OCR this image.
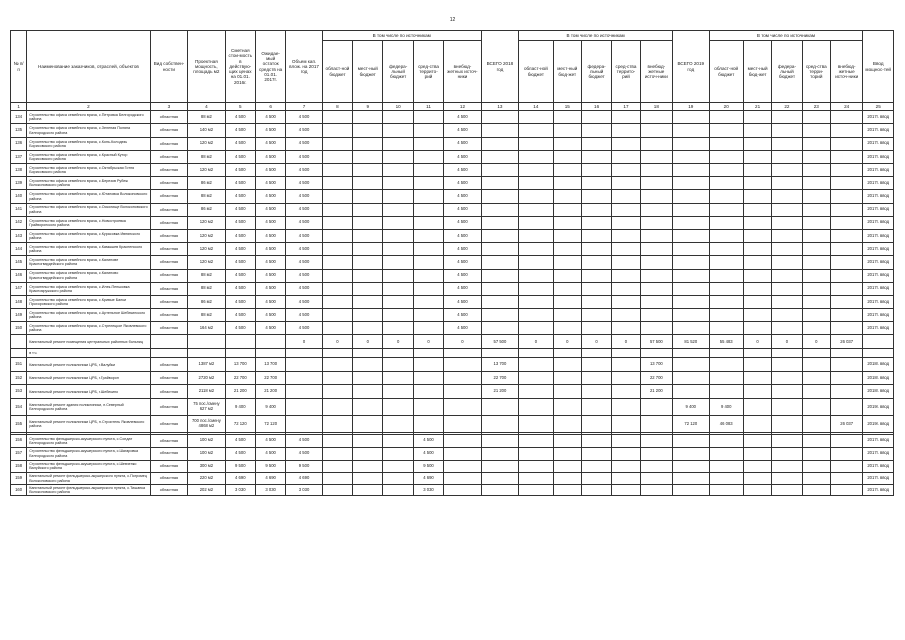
12
№ п/п	Наименование заказчиков, отраслей, объектов	Вид собствен-ности	Проектная мощность, площадь м2	Сметная стои-мость в действую-щих ценах на 01.01. 2016г.	Ожидае-мый остаток средств на 01.01. 2017г.	Объем кап. влож. на 2017 год	В том числе по источникам					ВСЕГО 2018 год	В том числе по источникам					ВСЕГО 2019 год	В том числе по источникам					Ввод мощнос-тей
							област-ной бюджет	мест-ный бюджет	федера-льный бюджет	сред-ства террито-рий	внебюд-жетных источ-ники		област-ной бюджет	мест-ный бюд-жет	федера-льный бюджет	сред-ства террито-рий	внебюд-жетные источ-ники		област-ной бюджет	мест-ный бюд-жет	федера-льный бюджет	сред-ства терри-торий	внебюд-жетные источ-ники	
1	2	3	4	5	6	7	8	9	10	11	12	13	14	15	16	17	18	19	20	21	22	23	24	25
134	Строительство офиса семейного врача, с.Петровка Белгородского района	областная	88 м2	4 500	4 500	4 500					4 500													2017г. ввод
135	Строительство офиса семейного врача, с.Зеленая Поляна Белгородского района	областная	140 м2	4 500	4 500	4 500					4 500													2017г. ввод
136	Строительство офиса семейного врача, с.Конь-Колодезь Борисовского района	областная	120 м2	4 500	4 500	4 500					4 500													2017г. ввод
137	Строительство офиса семейного врача, с.Красный Кутор Борисовского района	областная	88 м2	4 500	4 500	4 500					4 500													2017г. ввод
138	Строительство офиса семейного врача, с.Октябрьская Готня Борисовского района	областная	120 м2	4 500	4 500	4 500					4 500													2017г. ввод
139	Строительство офиса семейного врача, с.Березов Рубеж Волоконовского района	областная	86 м2	4 500	4 500	4 500					4 500													2017г. ввод
140	Строительство офиса семейного врача, с.Ютановка Волоконовского района	областная	88 м2	4 500	4 500	4 500					4 500													2017г. ввод
141	Строительство офиса семейного врача, с.Осколище Волоконовского района	областная	86 м2	4 500	4 500	4 500					4 500													2017г. ввод
142	Строительство офиса семейного врача, с.Новостроевка Грайворонского района	областная	120 м2	4 500	4 500	4 500					4 500													2017г. ввод
143	Строительство офиса семейного врача, с.Курасовка Ивнянского района	областная	120 м2	4 500	4 500	4 500					4 500													2017г. ввод
144	Строительство офиса семейного врача, с.Камышев Красненского района	областная	120 м2	4 500	4 500	4 500					4 500													2017г. ввод
145	Строительство офиса семейного врача, с.Калинове Красногвардейского района	областная	120 м2	4 500	4 500	4 500					4 500													2017г. ввод
146	Строительство офиса семейного врача, с.Калиново Красногвардейского района	областная	88 м2	4 500	4 500	4 500					4 500													2017г. ввод
147	Строительство офиса семейного врача, с.Илек-Пеньковка Краснояружского района	областная	88 м2	4 500	4 500	4 500					4 500													2017г. ввод
148	Строительство офиса семейного врача, с.Кривые Балки Прохоровского района	областная	86 м2	4 500	4 500	4 500					4 500													2017г. ввод
149	Строительство офиса семейного врача, с.Артельное Шебекинского района	областная	88 м2	4 500	4 500	4 500					4 500													2017г. ввод
150	Строительство офиса семейного врача, с.Стрелецкое Яковлевского района	областная	164 м2	4 500	4 500	4 500					4 500													2017г. ввод
	Капитальный ремонт помещения центральных районных больниц					0	0	0	0	0	0	57 500	0	0	0	0	57 500	81 520	55 483	0	0	0	26 037	
	в т.ч.																							
151	Капитальный ремонт поликлиники ЦРБ, г.Валуйки	областная	1387 м2	13 700	13 700							13 700					13 700							2018г. ввод
152	Капитальный ремонт поликлиники ЦРБ, г.Грайворон	областная	2720 м2	22 700	22 700							22 700					22 700							2018г. ввод
153	Капитальный ремонт поликлиники ЦРБ, г.Шебекино	областная	2118 м2	21 200	21 200							21 200					21 200							2018г. ввод
154	Капитальный ремонт здания поликлиники, п.Северный Белгородского района	областная	75 пос./смену 627 м2	9 400	9 400													9 400	9 400					2019г. ввод
155	Капитальный ремонт поликлиники ЦРБ, п.Строитель Яковлевского района	областная	700 пос./смену 4868 м2	72 120	72 120													72 120	46 083				26 037	2019г. ввод

156	Строительство фельдшерско-акушерского пункта, с.Солдат Белгородского района	областная	100 м2	4 500	4 500	4 500				4 500														2017г. ввод
157	Строительство фельдшерско-акушерского пункта, с.Шагаровка Белгородского района	областная	100 м2	4 500	4 500	4 500				4 500														2017г. ввод
158	Строительство фельдшерско-акушерского пункта, с.Шевченко Валуйского района	областная	300 м2	9 500	9 500	9 500				9 500														2017г. ввод
159	Капитальный ремонт фельдшерско-акушерского пункта, с.Погромец Волоконовского района	областная	220 м2	4 690	4 690	4 690				4 690														2017г. ввод
160	Капитальный ремонт фельдшерско-акушерского пункта, с.Тишанка Волоконовского района	областная	202 м2	3 030	3 030	3 030				3 030														2017г. ввод
